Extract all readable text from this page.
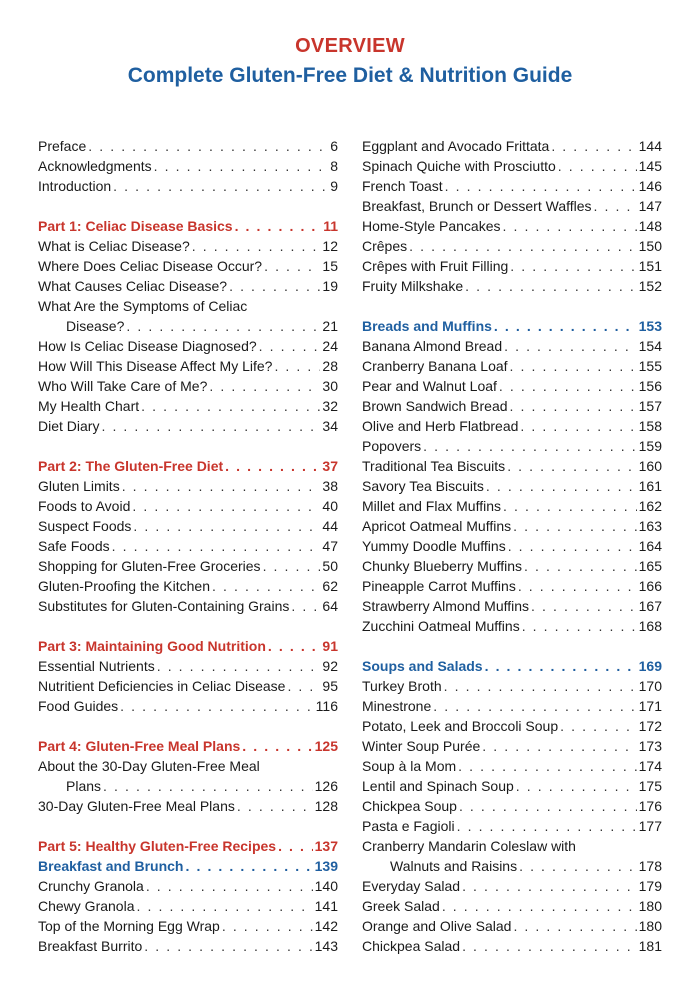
OVERVIEW
Complete Gluten-Free Diet & Nutrition Guide
Preface . . .	6
Acknowledgments . . .	8
Introduction . . .	9
Part 1: Celiac Disease Basics . . .	11
What is Celiac Disease? . . .	12
Where Does Celiac Disease Occur? . . .	15
What Causes Celiac Disease? . . .	19
What Are the Symptoms of Celiac
Disease? . . .	21
How Is Celiac Disease Diagnosed? . . .	24
How Will This Disease Affect My Life? . . .	28
Who Will Take Care of Me? . . .	30
My Health Chart . . .	32
Diet Diary . . .	34
Part 2: The Gluten-Free Diet . . .	37
Gluten Limits . . .	38
Foods to Avoid . . .	40
Suspect Foods . . .	44
Safe Foods . . .	47
Shopping for Gluten-Free Groceries . . .	50
Gluten-Proofing the Kitchen . . .	62
Substitutes for Gluten-Containing Grains . . . 64
Part 3: Maintaining Good Nutrition . . .	91
Essential Nutrients . . .	92
Nutritient Deficiencies in Celiac Disease . . .	95
Food Guides . . .	116
Part 4: Gluten-Free Meal Plans . . .	125
About the 30-Day Gluten-Free Meal
Plans . . .	126
30-Day Gluten-Free Meal Plans . . .	128
Part 5: Healthy Gluten-Free Recipes . . .	137
Breakfast and Brunch . . .	139
Crunchy Granola . . .	140
Chewy Granola . . .	141
Top of the Morning Egg Wrap . . .	142
Breakfast Burrito . . .	143
Eggplant and Avocado Frittata . . .	144
Spinach Quiche with Prosciutto . . .	145
French Toast . . .	146
Breakfast, Brunch or Dessert Waffles . . .	147
Home-Style Pancakes . . .	148
Crêpes . . .	150
Crêpes with Fruit Filling . . .	151
Fruity Milkshake . . .	152
Breads and Muffins . . .	153
Banana Almond Bread . . .	154
Cranberry Banana Loaf . . .	155
Pear and Walnut Loaf . . .	156
Brown Sandwich Bread . . .	157
Olive and Herb Flatbread . . .	158
Popovers . . .	159
Traditional Tea Biscuits . . .	160
Savory Tea Biscuits . . .	161
Millet and Flax Muffins . . .	162
Apricot Oatmeal Muffins . . .	163
Yummy Doodle Muffins . . .	164
Chunky Blueberry Muffins . . .	165
Pineapple Carrot Muffins . . .	166
Strawberry Almond Muffins . . .	167
Zucchini Oatmeal Muffins . . .	168
Soups and Salads . . .	169
Turkey Broth . . .	170
Minestrone . . .	171
Potato, Leek and Broccoli Soup . . .	172
Winter Soup Purée . . .	173
Soup à la Mom . . .	174
Lentil and Spinach Soup . . .	175
Chickpea Soup . . .	176
Pasta e Fagioli . . .	177
Cranberry Mandarin Coleslaw with
Walnuts and Raisins . . .	178
Everyday Salad . . .	179
Greek Salad . . .	180
Orange and Olive Salad . . .	180
Chickpea Salad . . .	181
